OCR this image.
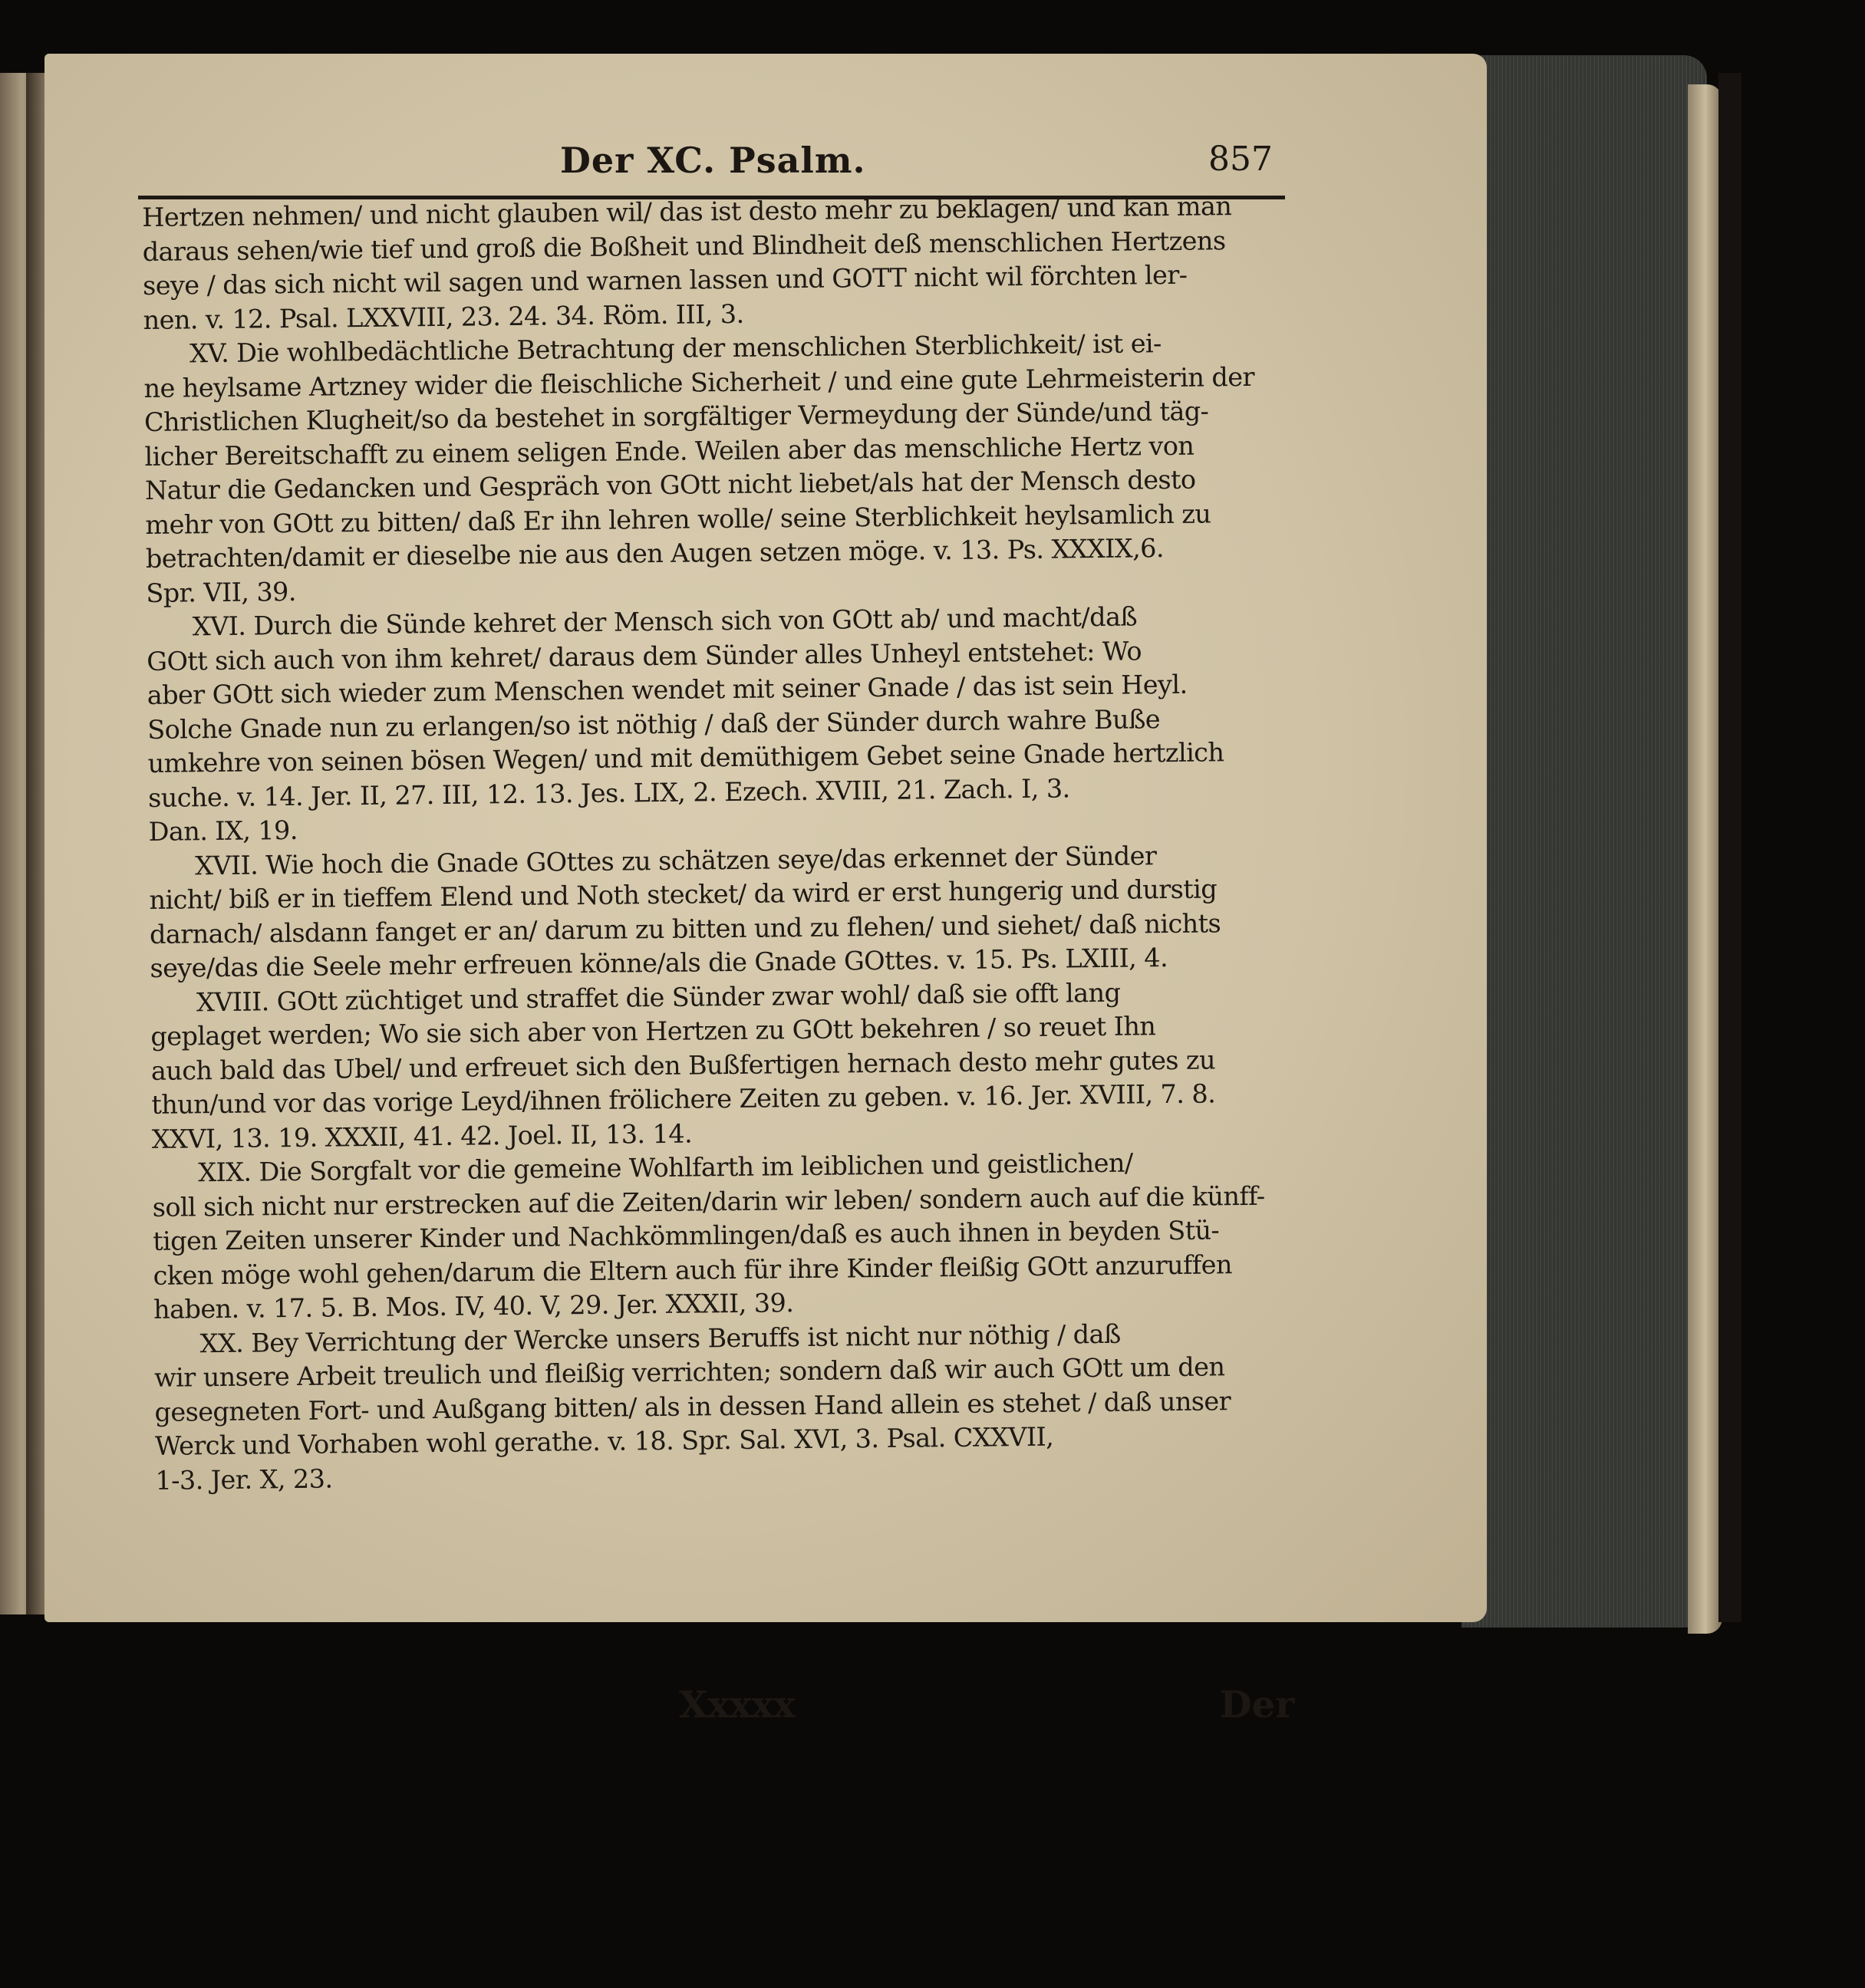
Der XC. Psalm.	857
Hertzen nehmen/ und nicht glauben wil/ das ist desto mehr zu beklagen/ und kan man
daraus sehen/wie tief und groß die Boßheit und Blindheit deß menschlichen Hertzens
seye / das sich nicht wil sagen und warnen lassen und GOTT nicht wil förchten ler-
nen. v. 12. Psal. LXXVIII, 23. 24. 34. Röm. III, 3.
XV. Die wohlbedächtliche Betrachtung der menschlichen Sterblichkeit/ ist ei-
ne heylsame Artzney wider die fleischliche Sicherheit / und eine gute Lehrmeisterin der
Christlichen Klugheit/so da bestehet in sorgfältiger Vermeydung der Sünde/und täg-
licher Bereitschafft zu einem seligen Ende. Weilen aber das menschliche Hertz von
Natur die Gedancken und Gespräch von GOtt nicht liebet/als hat der Mensch desto
mehr von GOtt zu bitten/ daß Er ihn lehren wolle/ seine Sterblichkeit heylsamlich zu
betrachten/damit er dieselbe nie aus den Augen setzen möge. v. 13. Ps. XXXIX,6.
Spr. VII, 39.
XVI. Durch die Sünde kehret der Mensch sich von GOtt ab/ und macht/daß
GOtt sich auch von ihm kehret/ daraus dem Sünder alles Unheyl entstehet: Wo
aber GOtt sich wieder zum Menschen wendet mit seiner Gnade / das ist sein Heyl.
Solche Gnade nun zu erlangen/so ist nöthig / daß der Sünder durch wahre Buße
umkehre von seinen bösen Wegen/ und mit demüthigem Gebet seine Gnade hertzlich
suche. v. 14. Jer. II, 27. III, 12. 13. Jes. LIX, 2. Ezech. XVIII, 21. Zach. I, 3.
Dan. IX, 19.
XVII. Wie hoch die Gnade GOttes zu schätzen seye/das erkennet der Sünder
nicht/ biß er in tieffem Elend und Noth stecket/ da wird er erst hungerig und durstig
darnach/ alsdann fanget er an/ darum zu bitten und zu flehen/ und siehet/ daß nichts
seye/das die Seele mehr erfreuen könne/als die Gnade GOttes. v. 15. Ps. LXIII, 4.
XVIII. GOtt züchtiget und straffet die Sünder zwar wohl/ daß sie offt lang
geplaget werden; Wo sie sich aber von Hertzen zu GOtt bekehren / so reuet Ihn
auch bald das Ubel/ und erfreuet sich den Bußfertigen hernach desto mehr gutes zu
thun/und vor das vorige Leyd/ihnen frölichere Zeiten zu geben. v. 16. Jer. XVIII, 7. 8.
XXVI, 13. 19. XXXII, 41. 42. Joel. II, 13. 14.
XIX. Die Sorgfalt vor die gemeine Wohlfarth im leiblichen und geistlichen/
soll sich nicht nur erstrecken auf die Zeiten/darin wir leben/ sondern auch auf die künff-
tigen Zeiten unserer Kinder und Nachkömmlingen/daß es auch ihnen in beyden Stü-
cken möge wohl gehen/darum die Eltern auch für ihre Kinder fleißig GOtt anzuruffen
haben. v. 17. 5. B. Mos. IV, 40. V, 29. Jer. XXXII, 39.
XX. Bey Verrichtung der Wercke unsers Beruffs ist nicht nur nöthig / daß
wir unsere Arbeit treulich und fleißig verrichten; sondern daß wir auch GOtt um den
gesegneten Fort- und Außgang bitten/ als in dessen Hand allein es stehet / daß unser
Werck und Vorhaben wohl gerathe. v. 18. Spr. Sal. XVI, 3. Psal. CXXVII,
1-3. Jer. X, 23.
Xxxxx	Der
